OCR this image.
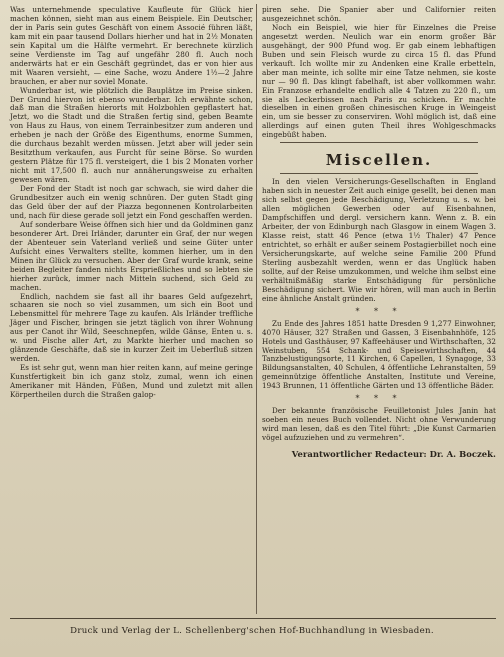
Was unternehmende speculative Kaufleute für Glück hier machen können, sieht man aus einem Beispiele. Ein Deutscher, der in Paris sein gutes Geschäft von einem Associé führen läßt, kam mit ein paar tausend Dollars hierher und hat in 2½ Monaten sein Kapital um die Hälfte vermehrt. Er berechnete kürzlich seine Verdienste im Tag auf ungefähr 280 fl. Auch noch anderwärts hat er ein Geschäft gegründet, das er von hier aus mit Waaren versieht, — eine Sache, wozu Andere 1½—2 Jahre brauchen, er aber nur soviel Monate.

Wunderbar ist, wie plötzlich die Bauplätze im Preise sinken. Der Grund hiervon ist ebenso wunderbar. Ich erwähnte schon, daß man die Straßen hierorts mit Holzbohlen gepflastert hat. Jetzt, wo die Stadt und die Straßen fertig sind, geben Beamte von Haus zu Haus, von einem Terrainbesitzer zum anderen und erheben je nach der Größe des Eigenthums, enorme Summen, die durchaus bezahlt werden müssen. Jetzt aber will jeder sein Besitzthum verkaufen, aus Furcht für seine Börse. So wurden gestern Plätze für 175 fl. versteigert, die 1 bis 2 Monaten vorher nicht mit 17,500 fl. auch nur annäherungsweise zu erhalten gewesen wären.

Der Fond der Stadt ist noch gar schwach, sie wird daher die Grundbesitzer auch ein wenig schnüren. Der guten Stadt ging das Geld über der auf der Piazza begonnenen Kontrolarbeiten und, nach für diese gerade soll jetzt ein Fond geschaffen werden.

Auf sonderbare Weise öffnen sich hier und da Goldminen ganz besonderer Art. Drei Irländer, darunter ein Graf, der nur wegen der Abenteuer sein Vaterland verließ und seine Güter unter Aufsicht eines Verwalters stellte, kommen hierher, um in den Minen ihr Glück zu versuchen. Aber der Graf wurde krank, seine beiden Begleiter fanden nichts Ersprießliches und so lebten sie hierher zurück, immer nach Mitteln suchend, sich Geld zu machen.

Endlich, nachdem sie fast all ihr baares Geld aufgezehrt, schaaren sie noch so viel zusammen, um sich ein Boot und Lebensmittel für mehrere Tage zu kaufen. Als Irländer treffliche Jäger und Fischer, bringen sie jetzt täglich von ihrer Wohnung aus per Canot ihr Wild, Seeschnepfen, wilde Gänse, Enten u. s. w. und Fische aller Art, zu Markte hierher und machen so glänzende Geschäfte, daß sie in kurzer Zeit im Ueberfluß sitzen werden.

Es ist sehr gut, wenn man hier reiten kann, auf meine geringe Kunstfertigkeit bin ich ganz stolz, zumal, wenn ich einen Amerikaner mit Händen, Füßen, Mund und zuletzt mit allen Körpertheilen durch die Straßen galop-

piren sehe. Die Spanier aber und Californier reiten ausgezeichnet schön.

Noch ein Beispiel, wie hier für Einzelnes die Preise angesetzt werden. Neulich war ein enorm großer Bär ausgehängt, der 900 Pfund wog. Er gab einem lebhaftigen Buben und sein Fleisch wurde zu circa 15 fl. das Pfund verkauft. Ich wollte mir zu Andenken eine Kralle erbetteln, aber man meinte, ich sollte mir eine Tatze nehmen, sie koste nur — 90 fl. Das klingt fabelhaft, ist aber vollkommen wahr. Ein Franzose erhandelte endlich alle 4 Tatzen zu 220 fl., um sie als Leckerbissen nach Paris zu schicken. Er machte dieselben in einen großen chinesischen Kruge in Weingeist ein, um sie besser zu conserviren. Wohl möglich ist, daß eine allerdings auf einen guten Theil ihres Wohlgeschmacks eingebüßt haben.

Miscellen.

In den vielen Versicherungs-Gesellschaften in England haben sich in neuester Zeit auch einige gesellt, bei denen man sich selbst gegen jede Beschädigung, Verletzung u. s. w. bei allen möglichen Gewerben oder auf Eisenbahnen, Dampfschiffen und dergl. versichern kann. Wenn z. B. ein Arbeiter, der von Edinburgh nach Glasgow in einem Wagen 3. Klasse reist, statt 46 Pence (etwa 1½ Thaler) 47 Pence entrichtet, so erhält er außer seinem Postagierbillet noch eine Versicherungskarte, auf welche seine Familie 200 Pfund Sterling ausbezahlt werden, wenn er das Unglück haben sollte, auf der Reise umzukommen, und welche ihm selbst eine verhältnißmäßig starke Entschädigung für persönliche Beschädigung sichert. Wie wir hören, will man auch in Berlin eine ähnliche Anstalt gründen.

* * *

Zu Ende des Jahres 1851 hatte Dresden 9 1,277 Einwohner, 4070 Häuser, 327 Straßen und Gassen, 3 Eisenbahnhöfe, 125 Hotels und Gasthäuser, 97 Kaffeehäuser und Wirthschaften, 32 Weinstuben, 554 Schank- und Speisewirthschaften, 44 Tanzbelustigungsorte, 11 Kirchen, 6 Capellen, 1 Synagoge, 33 Bildungsanstalten, 40 Schulen, 4 öffentliche Lehranstalten, 59 gemeinnützige öffentliche Anstalten, Institute und Vereine, 1943 Brunnen, 11 öffentliche Gärten und 13 öffentliche Bäder.

* * *

Der bekannte französische Feuilletonist Jules Janin hat soeben ein neues Buch vollendet. Nicht ohne Verwunderung wird man lesen, daß es den Titel führt: „Die Kunst Carmarien vögel aufzuziehen und zu vermehren“.

Verantwortlicher Redacteur: Dr. A. Boczek.
Druck und Verlag der L. Schellenberg'schen Hof-Buchhandlung in Wiesbaden.
